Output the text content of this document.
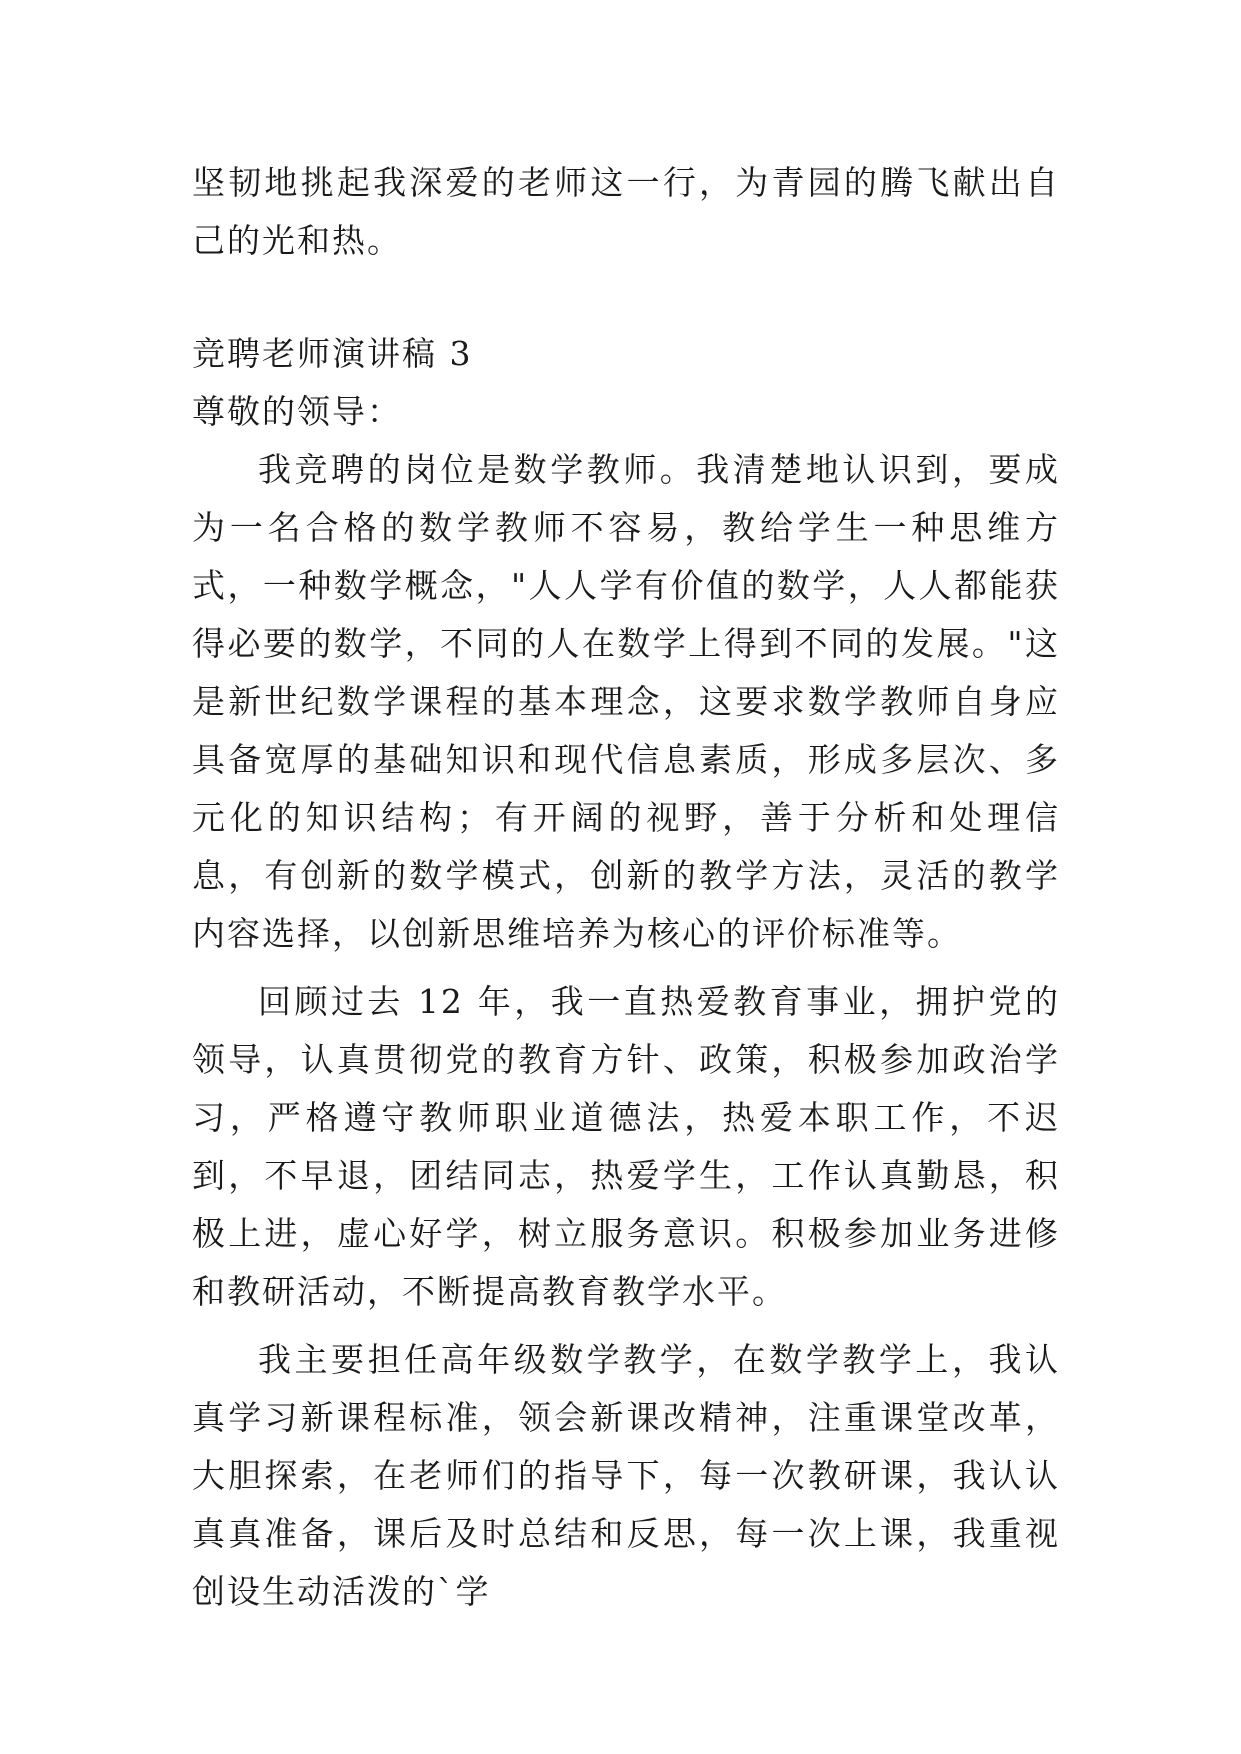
坚韧地挑起我深爱的老师这一行，为青园的腾飞献出自己的光和热。

竞聘老师演讲稿 3

尊敬的领导：

我竞聘的岗位是数学教师。我清楚地认识到，要成为一名合格的数学教师不容易，教给学生一种思维方式，一种数学概念，"人人学有价值的数学，人人都能获得必要的数学，不同的人在数学上得到不同的发展。"这是新世纪数学课程的基本理念，这要求数学教师自身应具备宽厚的基础知识和现代信息素质，形成多层次、多元化的知识结构；有开阔的视野，善于分析和处理信息，有创新的数学模式，创新的教学方法，灵活的教学内容选择，以创新思维培养为核心的评价标准等。

回顾过去 12 年，我一直热爱教育事业，拥护党的领导，认真贯彻党的教育方针、政策，积极参加政治学习，严格遵守教师职业道德法，热爱本职工作，不迟到，不早退，团结同志，热爱学生，工作认真勤恳，积极上进，虚心好学，树立服务意识。积极参加业务进修和教研活动，不断提高教育教学水平。

我主要担任高年级数学教学，在数学教学上，我认真学习新课程标准，领会新课改精神，注重课堂改革，大胆探索，在老师们的指导下，每一次教研课，我认认真真准备，课后及时总结和反思，每一次上课，我重视创设生动活泼的`学
